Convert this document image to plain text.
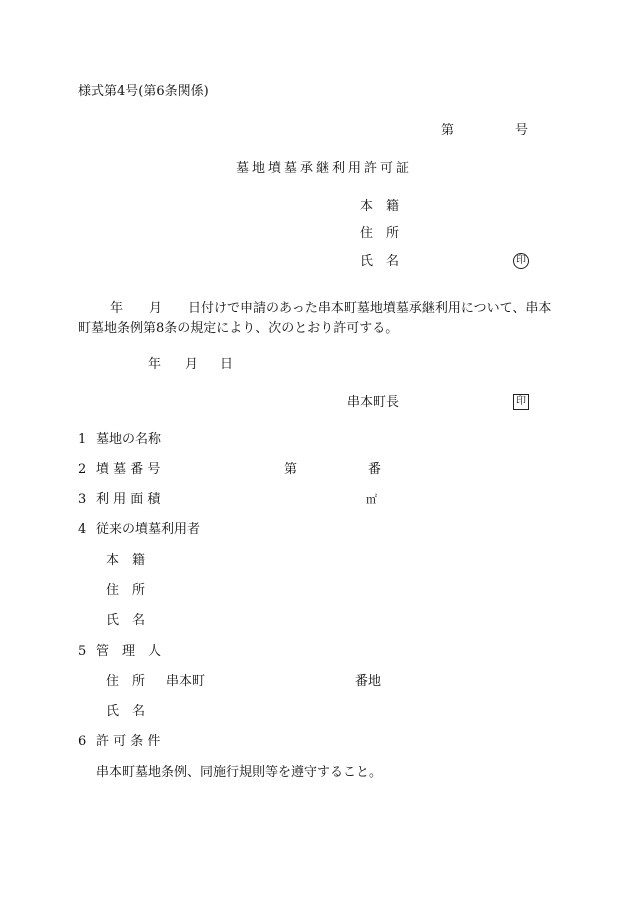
様式第4号(第6条関係)
第	号
墓地墳墓承継利用許可証
本　籍
住　所
氏　名	印
年　　月　　日付けで申請のあった串本町墓地墳墓承継利用について、串本町墓地条例第8条の規定により、次のとおり許可する。
年 月 日
串本町長	印
1 墓地の名称
2 墳 墓 番 号	第	番
3 利 用 面 積	㎡
4 従来の墳墓利用者
本　籍
住　所
氏　名
5 管　理　人
住　所 串本町	番地
氏　名
6 許 可 条 件
串本町墓地条例、同施行規則等を遵守すること。
